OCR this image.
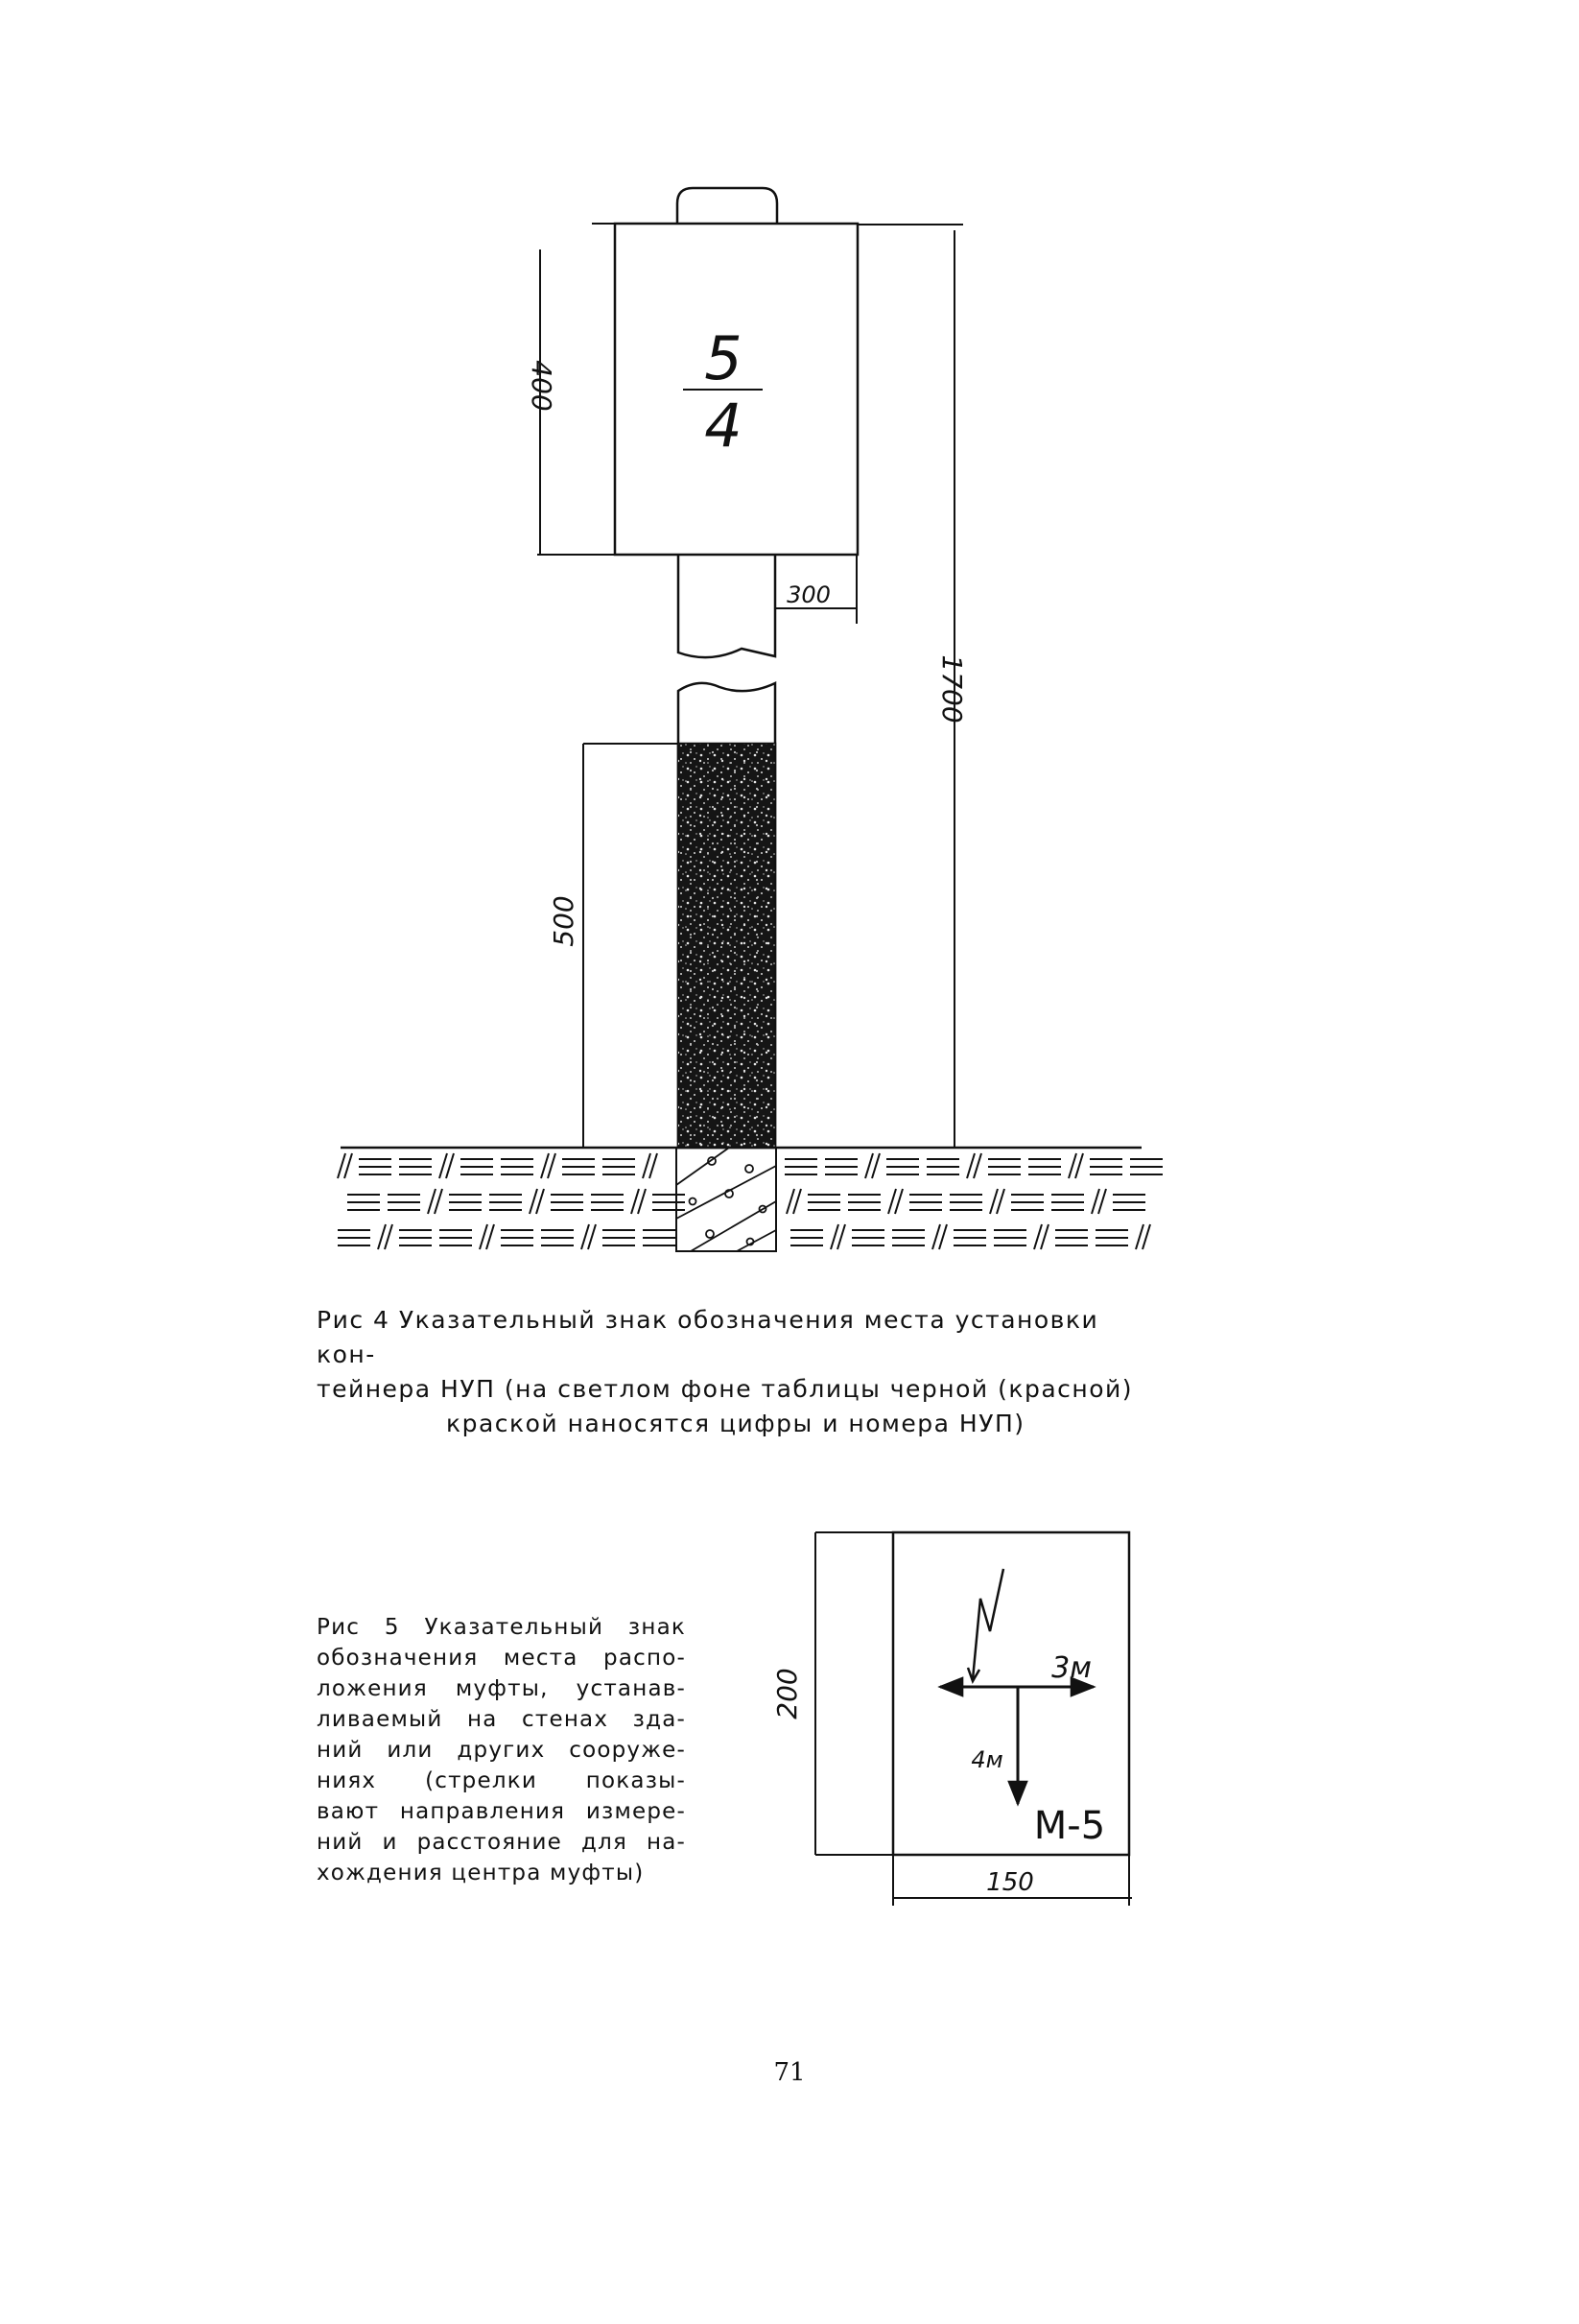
5
4
400
300
1700
500
3м
4м
М-5
200
150
Рис 4 Указательный знак обозначения места установки кон-
тейнера НУП (на светлом фоне таблицы черной (красной)
краской наносятся цифры и номера НУП)
Рис 5 Указательный знак
обозначения места распо-
ложения муфты, устанав-
ливаемый на стенах зда-
ний или других сооруже-
ниях (стрелки показы-
вают направления измере-
ний и расстояние для на-
хождения центра муфты)
71
